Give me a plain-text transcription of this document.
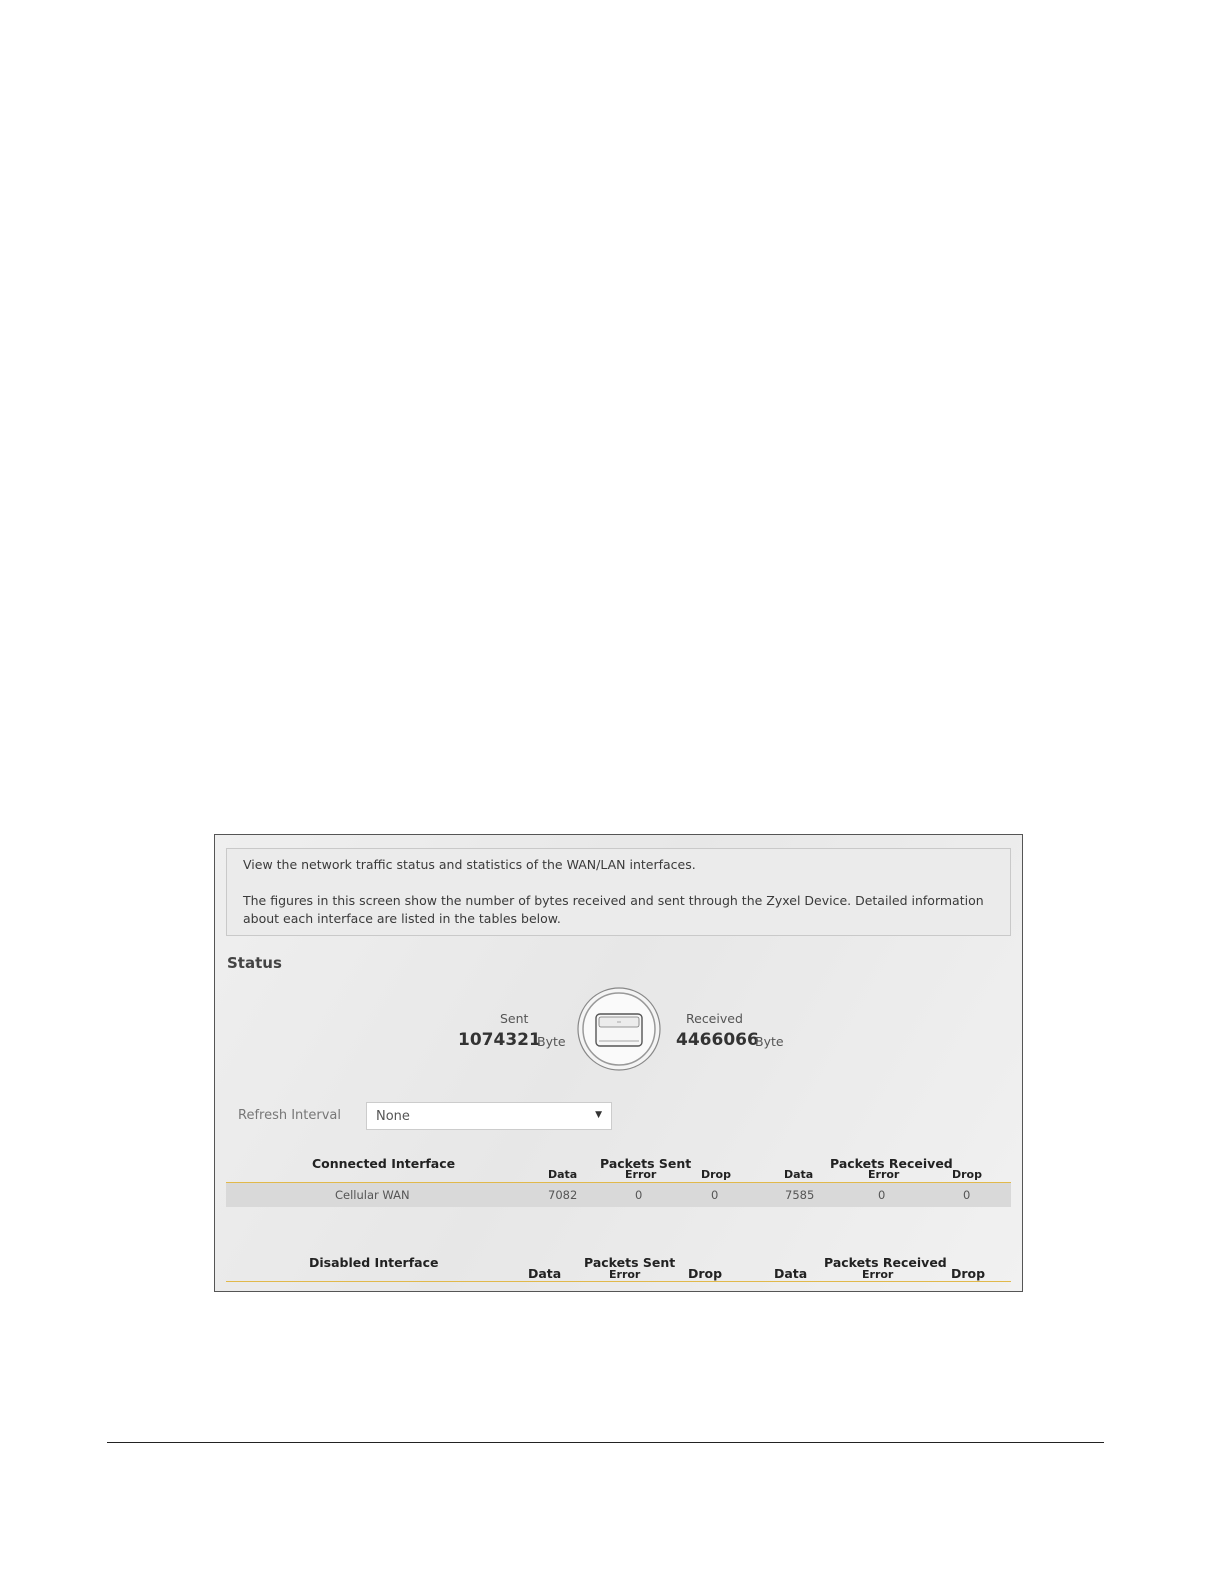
View the network traffic status and statistics of the WAN/LAN interfaces.

The figures in this screen show the number of bytes received and sent through the Zyxel Device. Detailed information about each interface are listed in the tables below.

Status
Sent
1074321
Byte
Received
4466066
Byte
Refresh Interval	None	▼
Connected Interface	Packets Sent	Packets Received
Data	Error	Drop	Data	Error	Drop
Cellular WAN	7082	0	0	7585	0	0
Disabled Interface	Packets Sent	Packets Received
Data	Error	Drop	Data	Error	Drop
